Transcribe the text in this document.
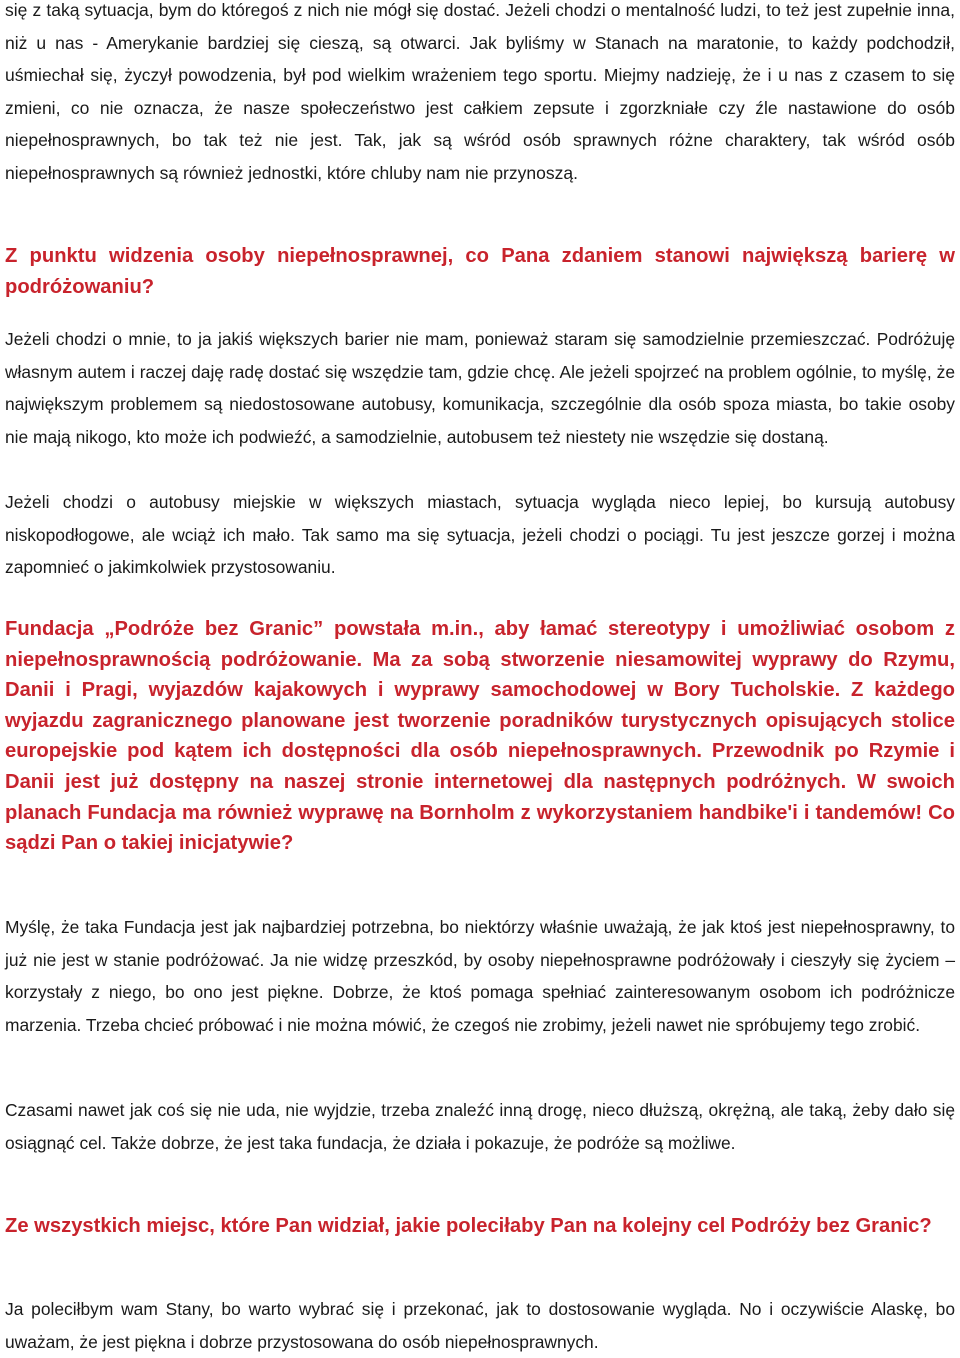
się z taką sytuacja, bym do któregoś z nich nie mógł się dostać. Jeżeli chodzi o mentalność ludzi, to też jest zupełnie inna, niż u nas - Amerykanie bardziej się cieszą, są otwarci. Jak byliśmy w Stanach na maratonie, to każdy podchodził, uśmiechał się, życzył powodzenia, był pod wielkim wrażeniem tego sportu. Miejmy nadzieję, że i u nas z czasem to się zmieni, co nie oznacza, że nasze społeczeństwo jest całkiem zepsute i zgorzkniałe czy źle nastawione do osób niepełnosprawnych, bo tak też nie jest. Tak, jak są wśród osób sprawnych różne charaktery, tak wśród osób niepełnosprawnych są również jednostki, które chluby nam nie przynoszą.

Z punktu widzenia osoby niepełnosprawnej, co Pana zdaniem stanowi największą barierę w podróżowaniu?

Jeżeli chodzi o mnie, to ja jakiś większych barier nie mam, ponieważ staram się samodzielnie przemieszczać. Podróżuję własnym autem i raczej daję radę dostać się wszędzie tam, gdzie chcę. Ale jeżeli spojrzeć na problem ogólnie, to myślę, że największym problemem są niedostosowane autobusy, komunikacja, szczególnie dla osób spoza miasta, bo takie osoby nie mają nikogo, kto może ich podwieźć, a samodzielnie, autobusem też niestety nie wszędzie się dostaną.

Jeżeli chodzi o autobusy miejskie w większych miastach, sytuacja wygląda nieco lepiej, bo kursują autobusy niskopodłogowe, ale wciąż ich mało. Tak samo ma się sytuacja, jeżeli chodzi o pociągi. Tu jest jeszcze gorzej i można zapomnieć o jakimkolwiek przystosowaniu.

Fundacja „Podróże bez Granic” powstała m.in., aby łamać stereotypy i umożliwiać osobom z niepełnosprawnością podróżowanie. Ma za sobą stworzenie niesamowitej wyprawy do Rzymu, Danii i Pragi, wyjazdów kajakowych i wyprawy samochodowej w Bory Tucholskie. Z każdego wyjazdu zagranicznego planowane jest tworzenie poradników turystycznych opisujących stolice europejskie pod kątem ich dostępności dla osób niepełnosprawnych. Przewodnik po Rzymie i Danii jest już dostępny na naszej stronie internetowej dla następnych podróżnych. W swoich planach Fundacja ma również wyprawę na Bornholm z wykorzystaniem handbike'i i tandemów! Co sądzi Pan o takiej inicjatywie?

Myślę, że taka Fundacja jest jak najbardziej potrzebna, bo niektórzy właśnie uważają, że jak ktoś jest niepełnosprawny, to już nie jest w stanie podróżować. Ja nie widzę przeszkód, by osoby niepełnosprawne podróżowały i cieszyły się życiem – korzystały z niego, bo ono jest piękne. Dobrze, że ktoś pomaga spełniać zainteresowanym osobom ich podróżnicze marzenia. Trzeba chcieć próbować i nie można mówić, że czegoś nie zrobimy, jeżeli nawet nie spróbujemy tego zrobić.

Czasami nawet jak coś się nie uda, nie wyjdzie, trzeba znaleźć inną drogę, nieco dłuższą, okrężną, ale taką, żeby dało się osiągnąć cel. Także dobrze, że jest taka fundacja, że działa i pokazuje, że podróże są możliwe.

Ze wszystkich miejsc, które Pan widział, jakie poleciłaby Pan na kolejny cel Podróży bez Granic?

Ja poleciłbym wam Stany, bo warto wybrać się i przekonać, jak to dostosowanie wygląda. No i oczywiście Alaskę, bo uważam, że jest piękna i dobrze przystosowana do osób niepełnosprawnych.
